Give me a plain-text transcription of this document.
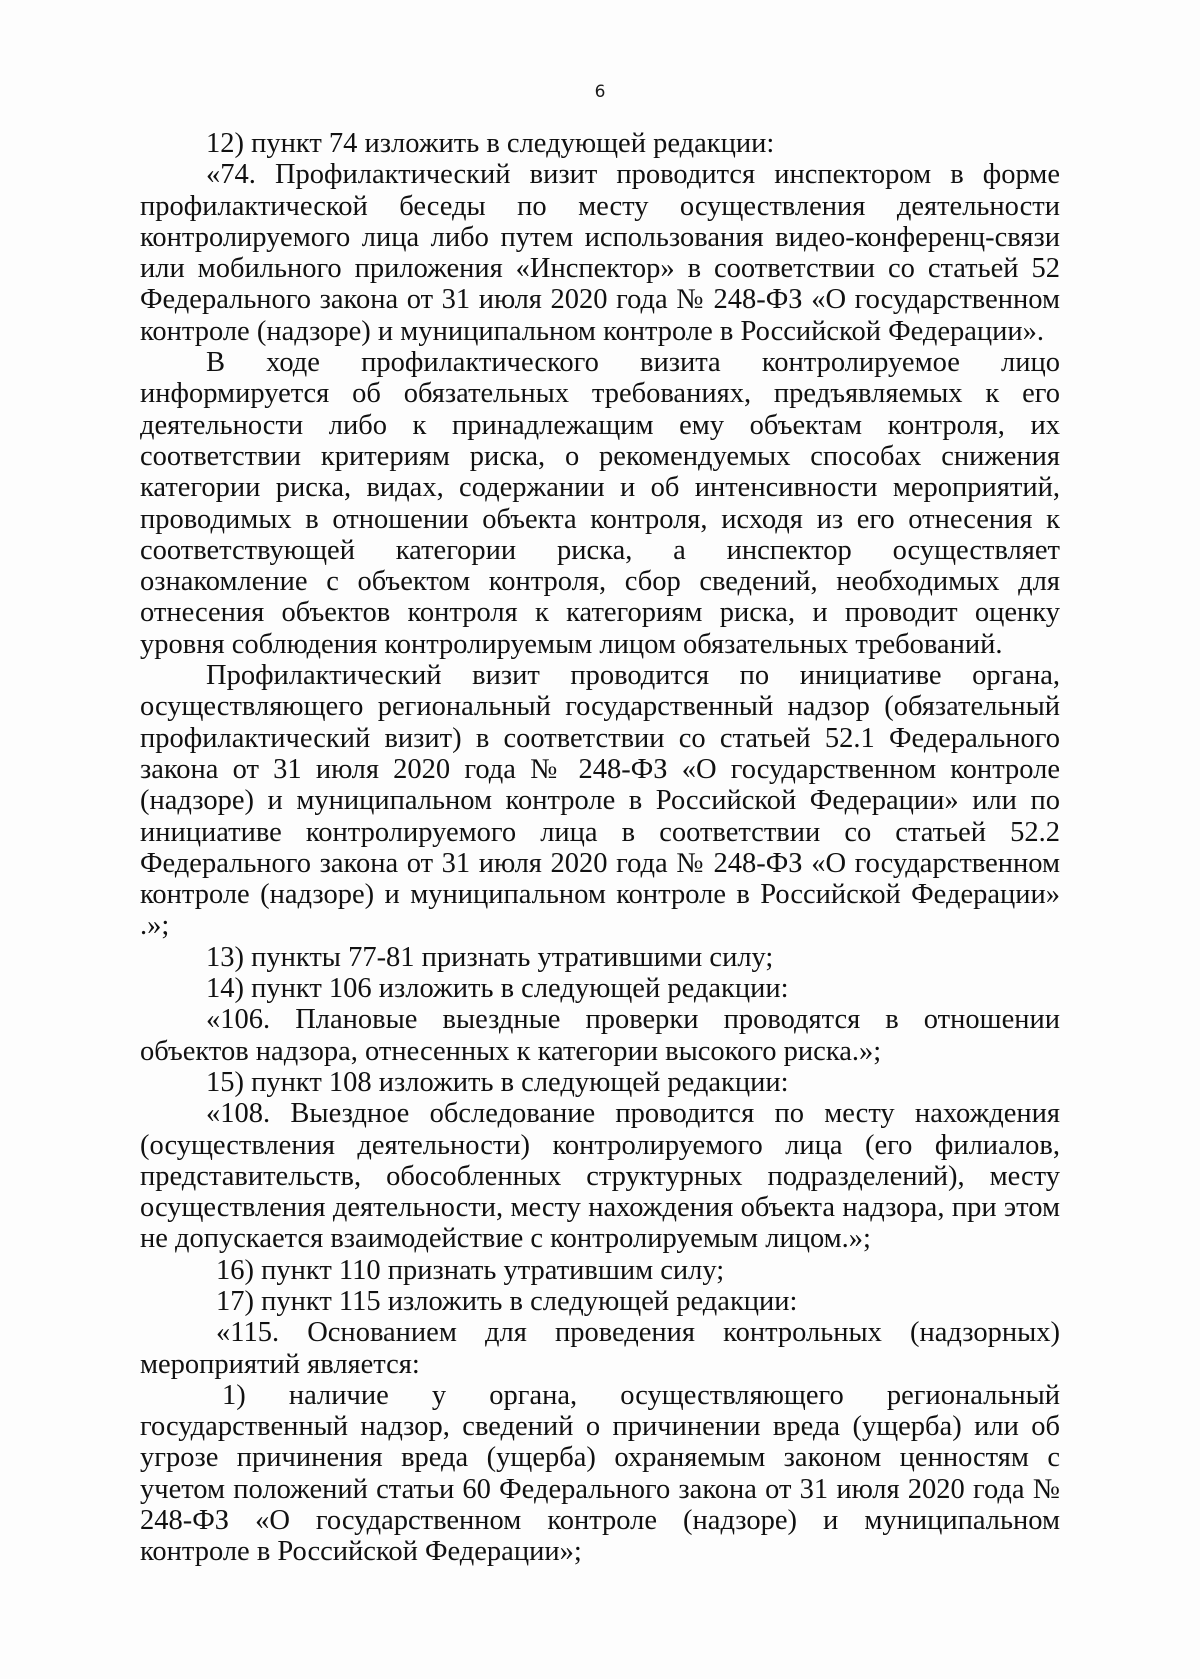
6

12) пункт 74 изложить в следующей редакции:

«74. Профилактический визит проводится инспектором в форме профилактической беседы по месту осуществления деятельности контролируемого лица либо путем использования видео-конференц-связи или мобильного приложения «Инспектор» в соответствии со статьей 52 Федерального закона от 31 июля 2020 года № 248-ФЗ «О государственном контроле (надзоре) и муниципальном контроле в Российской Федерации».

В ходе профилактического визита контролируемое лицо информируется об обязательных требованиях, предъявляемых к его деятельности либо к принадлежащим ему объектам контроля, их соответствии критериям риска, о рекомендуемых способах снижения категории риска, видах, содержании и об интенсивности мероприятий, проводимых в отношении объекта контроля, исходя из его отнесения к соответствующей категории риска, а инспектор осуществляет ознакомление с объектом контроля, сбор сведений, необходимых для отнесения объектов контроля к категориям риска, и проводит оценку уровня соблюдения контролируемым лицом обязательных требований.

Профилактический визит проводится по инициативе органа, осуществляющего региональный государственный надзор (обязательный профилактический визит) в соответствии со статьей 52.1 Федерального закона от 31 июля 2020 года № 248-ФЗ «О государственном контроле (надзоре) и муниципальном контроле в Российской Федерации» или по инициативе контролируемого лица в соответствии со статьей 52.2 Федерального закона от 31 июля 2020 года № 248-ФЗ «О государственном контроле (надзоре) и муниципальном контроле в Российской Федерации» .»;

13) пункты 77-81 признать утратившими силу;

14) пункт 106 изложить в следующей редакции:

«106. Плановые выездные проверки проводятся в отношении объектов надзора, отнесенных к категории высокого риска.»;

15) пункт 108 изложить в следующей редакции:

«108. Выездное обследование проводится по месту нахождения (осуществления деятельности) контролируемого лица (его филиалов, представительств, обособленных структурных подразделений), месту осуществления деятельности, месту нахождения объекта надзора, при этом не допускается взаимодействие с контролируемым лицом.»;

16) пункт 110 признать утратившим силу;

17) пункт 115 изложить в следующей редакции:

«115. Основанием для проведения контрольных (надзорных) мероприятий является:

1) наличие у органа, осуществляющего региональный государственный надзор, сведений о причинении вреда (ущерба) или об угрозе причинения вреда (ущерба) охраняемым законом ценностям с учетом положений статьи 60 Федерального закона от 31 июля 2020 года № 248-ФЗ «О государственном контроле (надзоре) и муниципальном контроле в Российской Федерации»;
